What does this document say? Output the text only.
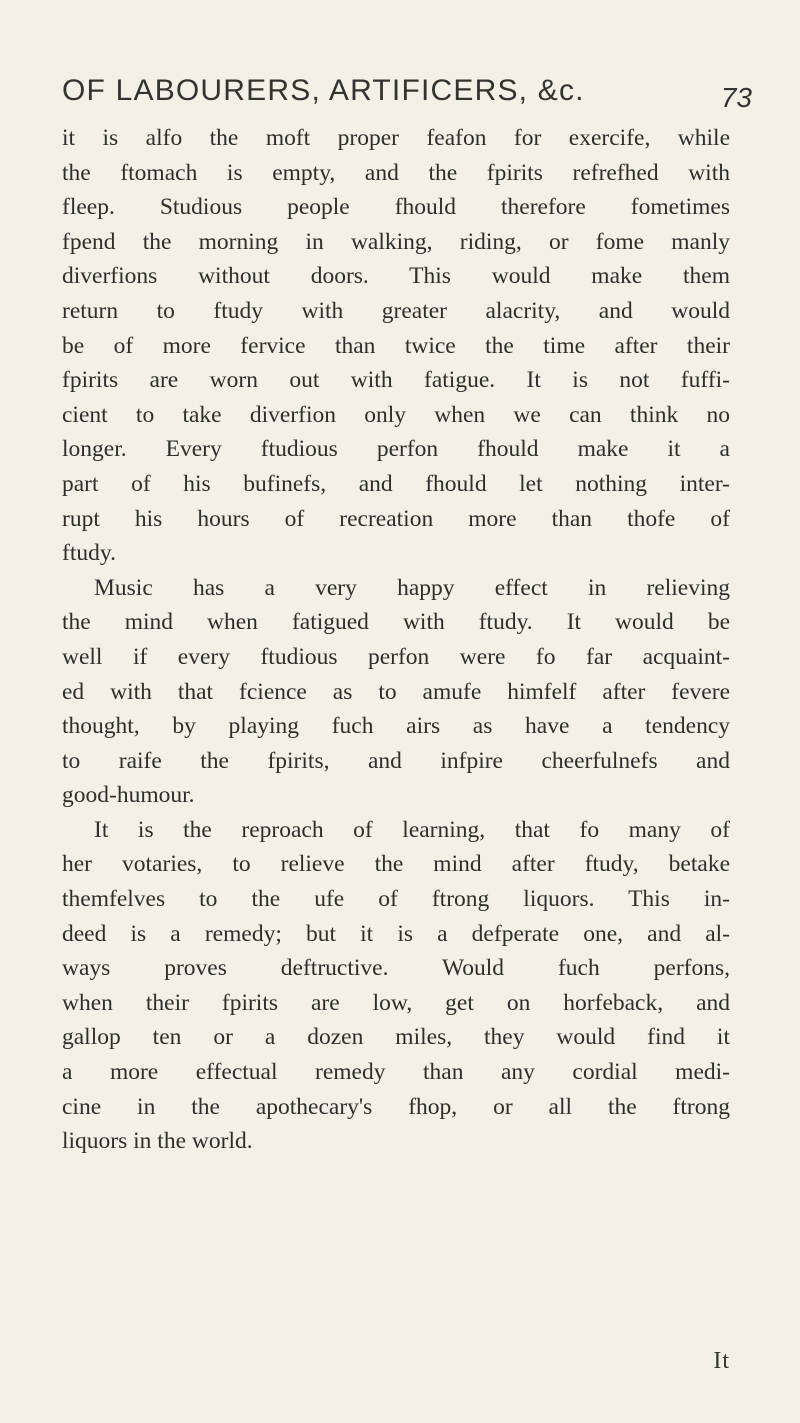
OF LABOURERS, ARTIFICERS, &c.	73
it is alfo the moft proper feafon for exercife, while
the ftomach is empty, and the fpirits refrefhed with
fleep. Studious people fhould therefore fometimes
fpend the morning in walking, riding, or fome manly
diverfions without doors. This would make them
return to ftudy with greater alacrity, and would
be of more fervice than twice the time after their
fpirits are worn out with fatigue. It is not fuffi-
cient to take diverfion only when we can think no
longer. Every ftudious perfon fhould make it a
part of his bufinefs, and fhould let nothing inter-
rupt his hours of recreation more than thofe of
ftudy.
Music has a very happy effect in relieving
the mind when fatigued with ftudy. It would be
well if every ftudious perfon were fo far acquaint-
ed with that fcience as to amufe himfelf after fevere
thought, by playing fuch airs as have a tendency
to raife the fpirits, and infpire cheerfulnefs and
good-humour.
It is the reproach of learning, that fo many of
her votaries, to relieve the mind after ftudy, betake
themfelves to the ufe of ftrong liquors. This in-
deed is a remedy; but it is a defperate one, and al-
ways proves deftructive. Would fuch perfons,
when their fpirits are low, get on horfeback, and
gallop ten or a dozen miles, they would find it
a more effectual remedy than any cordial medi-
cine in the apothecary's fhop, or all the ftrong
liquors in the world.
It
